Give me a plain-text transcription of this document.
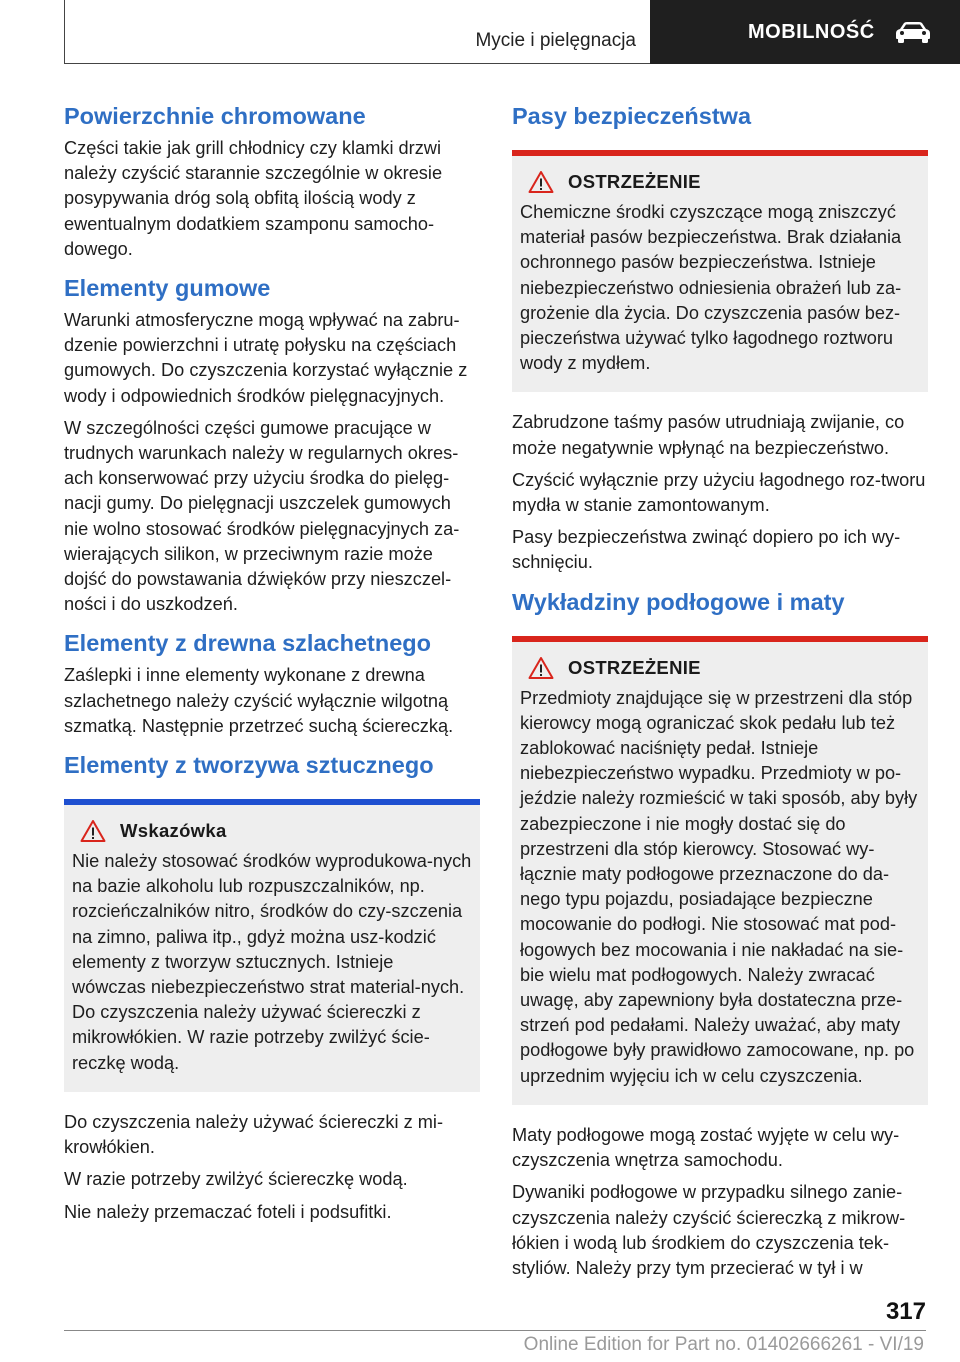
Mycie i pielęgnacja	MOBILNOŚĆ
Powierzchnie chromowane

Części takie jak grill chłodnicy czy klamki drzwi należy czyścić starannie szczególnie w okresie posypywania dróg solą obfitą ilością wody z ewentualnym dodatkiem szamponu samocho-dowego.

Elementy gumowe

Warunki atmosferyczne mogą wpływać na zabru-dzenie powierzchni i utratę połysku na częściach gumowych. Do czyszczenia korzystać wyłącznie z wody i odpowiednich środków pielęgnacyjnych.

W szczególności części gumowe pracujące w trudnych warunkach należy w regularnych okres-ach konserwować przy użyciu środka do pielęg-nacji gumy. Do pielęgnacji uszczelek gumowych nie wolno stosować środków pielęgnacyjnych za-wierających silikon, w przeciwnym razie może dojść do powstawania dźwięków przy nieszczel-ności i do uszkodzeń.

Elementy z drewna szlachetnego

Zaślepki i inne elementy wykonane z drewna szlachetnego należy czyścić wyłącznie wilgotną szmatką. Następnie przetrzeć suchą ściereczką.

Elementy z tworzywa sztucznego
Wskazówka

Nie należy stosować środków wyprodukowa-nych na bazie alkoholu lub rozpuszczalników, np. rozcieńczalników nitro, środków do czy-szczenia na zimno, paliwa itp., gdyż można usz-kodzić elementy z tworzyw sztucznych. Istnieje wówczas niebezpieczeństwo strat material-nych. Do czyszczenia należy używać ściereczki z mikrowłókien. W razie potrzeby zwilżyć ście-reczkę wodą.

Do czyszczenia należy używać ściereczki z mi-krowłókien.

W razie potrzeby zwilżyć ściereczkę wodą.

Nie należy przemaczać foteli i podsufitki.

Pasy bezpieczeństwa
OSTRZEŻENIE

Chemiczne środki czyszczące mogą zniszczyć materiał pasów bezpieczeństwa. Brak działania ochronnego pasów bezpieczeństwa. Istnieje niebezpieczeństwo odniesienia obrażeń lub za-grożenie dla życia. Do czyszczenia pasów bez-pieczeństwa używać tylko łagodnego roztworu wody z mydłem.

Zabrudzone taśmy pasów utrudniają zwijanie, co może negatywnie wpłynąć na bezpieczeństwo.

Czyścić wyłącznie przy użyciu łagodnego roz-tworu mydła w stanie zamontowanym.

Pasy bezpieczeństwa zwinąć dopiero po ich wy-schnięciu.

Wykładziny podłogowe i maty
OSTRZEŻENIE

Przedmioty znajdujące się w przestrzeni dla stóp kierowcy mogą ograniczać skok pedału lub też zablokować naciśnięty pedał. Istnieje niebezpieczeństwo wypadku. Przedmioty w po-jeździe należy rozmieścić w taki sposób, aby były zabezpieczone i nie mogły dostać się do przestrzeni dla stóp kierowcy. Stosować wy-łącznie maty podłogowe przeznaczone do da-nego typu pojazdu, posiadające bezpieczne mocowanie do podłogi. Nie stosować mat pod-łogowych bez mocowania i nie nakładać na sie-bie wielu mat podłogowych. Należy zwracać uwagę, aby zapewniony była dostateczna prze-strzeń pod pedałami. Należy uważać, aby maty podłogowe były prawidłowo zamocowane, np. po uprzednim wyjęciu ich w celu czyszczenia.

Maty podłogowe mogą zostać wyjęte w celu wy-czyszczenia wnętrza samochodu.

Dywaniki podłogowe w przypadku silnego zanie-czyszczenia należy czyścić ściereczką z mikrow-łókien i wodą lub środkiem do czyszczenia tek-styliów. Należy przy tym przecierać w tył i w

317
Online Edition for Part no. 01402666261 - VI/19
